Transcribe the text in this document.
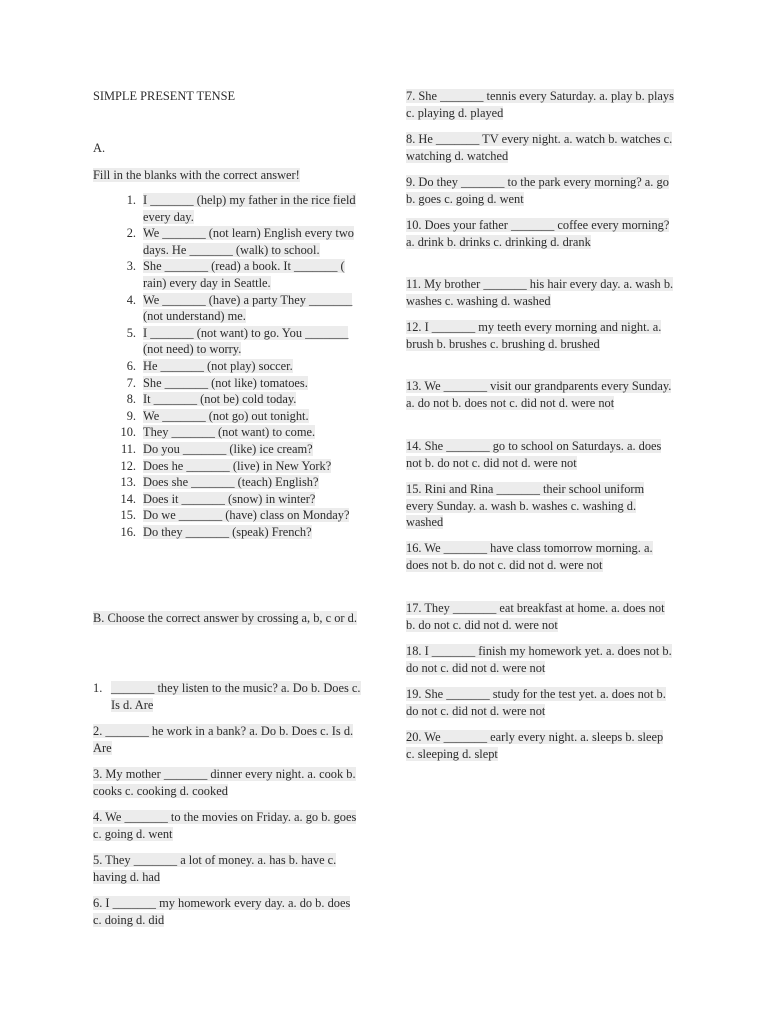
SIMPLE PRESENT TENSE
A.
Fill in the blanks with the correct answer!
1. I _______ (help) my father in the rice field every day.
2. We _______ (not learn) English every two days. He _______ (walk) to school.
3. She _______ (read) a book. It _______ ( rain) every day in Seattle.
4. We _______ (have) a party They _______ (not understand) me.
5. I _______ (not want) to go. You _______ (not need) to worry.
6. He _______ (not play) soccer.
7. She _______ (not like) tomatoes.
8. It _______ (not be) cold today.
9. We _______ (not go) out tonight.
10. They _______ (not want) to come.
11. Do you _______ (like) ice cream?
12. Does he _______ (live) in New York?
13. Does she _______ (teach) English?
14. Does it _______ (snow) in winter?
15. Do we _______ (have) class on Monday?
16. Do they _______ (speak) French?
B. Choose the correct answer by crossing a, b, c or d.
1. _______ they listen to the music? a. Do b. Does c. Is d. Are
2. _______ he work in a bank? a. Do b. Does c. Is d. Are
3. My mother _______ dinner every night. a. cook b. cooks c. cooking d. cooked
4. We _______ to the movies on Friday. a. go b. goes c. going d. went
5. They _______ a lot of money. a. has b. have c. having d. had
6. I _______ my homework every day. a. do b. does c. doing d. did
7. She _______ tennis every Saturday. a. play b. plays c. playing d. played
8. He _______ TV every night. a. watch b. watches c. watching d. watched
9. Do they _______ to the park every morning? a. go b. goes c. going d. went
10. Does your father _______ coffee every morning? a. drink b. drinks c. drinking d. drank
11. My brother _______ his hair every day. a. wash b. washes c. washing d. washed
12. I _______ my teeth every morning and night. a. brush b. brushes c. brushing d. brushed
13. We _______ visit our grandparents every Sunday. a. do not b. does not c. did not d. were not
14. She _______ go to school on Saturdays. a. does not b. do not c. did not d. were not
15. Rini and Rina _______ their school uniform every Sunday. a. wash b. washes c. washing d. washed
16. We _______ have class tomorrow morning. a. does not b. do not c. did not d. were not
17. They _______ eat breakfast at home. a. does not b. do not c. did not d. were not
18. I _______ finish my homework yet. a. does not b. do not c. did not d. were not
19. She _______ study for the test yet. a. does not b. do not c. did not d. were not
20. We _______ early every night. a. sleeps b. sleep c. sleeping d. slept
